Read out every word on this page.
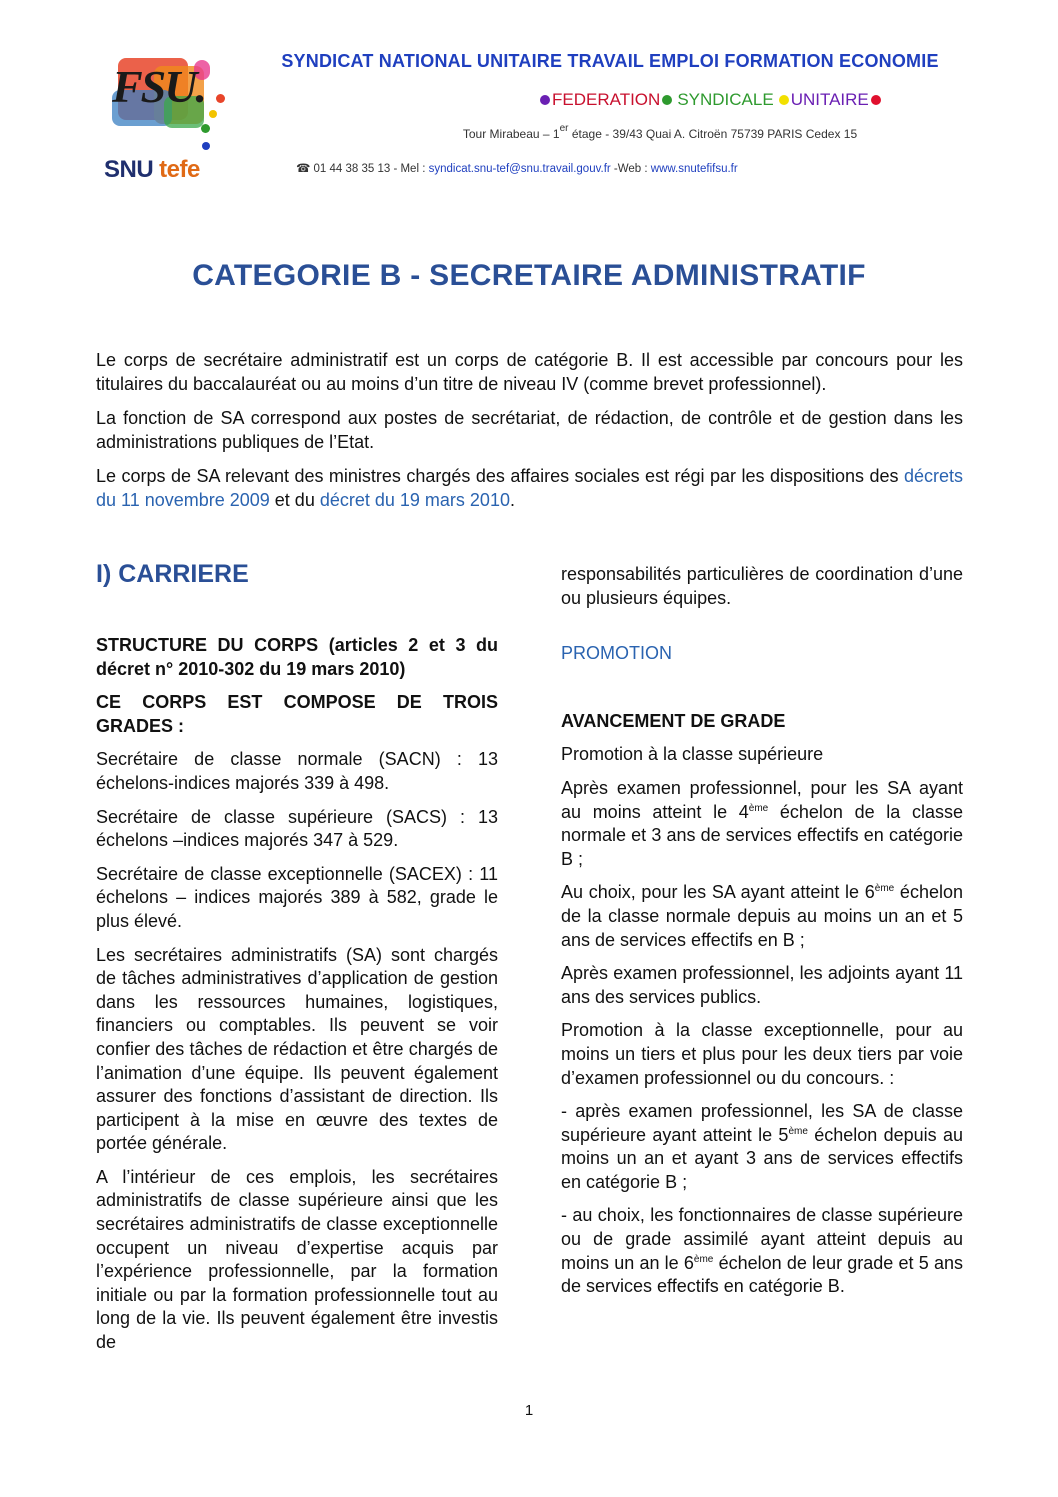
FSU.
SNU tefe
SYNDICAT NATIONAL UNITAIRE TRAVAIL EMPLOI FORMATION ECONOMIE
FEDERATION SYNDICALE UNITAIRE
Tour Mirabeau – 1er étage - 39/43 Quai A. Citroën 75739 PARIS Cedex 15
☎ 01 44 38 35 13 - Mel : syndicat.snu-tef@snu.travail.gouv.fr -Web : www.snutefifsu.fr
CATEGORIE B - SECRETAIRE ADMINISTRATIF

Le corps de secrétaire administratif est un corps de catégorie B. Il est accessible par concours pour les titulaires du baccalauréat ou au moins d’un titre de niveau IV (comme brevet professionnel).

La fonction de SA correspond aux postes de secrétariat, de rédaction, de contrôle et de gestion dans les administrations publiques de l’Etat.

Le corps de SA relevant des ministres chargés des affaires sociales est régi par les dispositions des décrets du 11 novembre 2009 et du décret du 19 mars 2010.

I) CARRIERE

STRUCTURE DU CORPS (articles 2 et 3 du décret n° 2010-302 du 19 mars 2010)

CE CORPS EST COMPOSE DE TROIS GRADES :

Secrétaire de classe normale (SACN) : 13 échelons-indices majorés 339 à 498.

Secrétaire de classe supérieure (SACS) : 13 échelons –indices majorés 347 à 529.

Secrétaire de classe exceptionnelle (SACEX) : 11 échelons – indices majorés 389 à 582, grade le plus élevé.

Les secrétaires administratifs (SA) sont chargés de tâches administratives d’application de gestion dans les ressources humaines, logistiques, financiers ou comptables. Ils peuvent se voir confier des tâches de rédaction et être chargés de l’animation d’une équipe. Ils peuvent également assurer des fonctions d’assistant de direction. Ils participent à la mise en œuvre des textes de portée générale.

A l’intérieur de ces emplois, les secrétaires administratifs de classe supérieure ainsi que les secrétaires administratifs de classe exceptionnelle occupent un niveau d’expertise acquis par l’expérience professionnelle, par la formation initiale ou par la formation professionnelle tout au long de la vie. Ils peuvent également être investis de

responsabilités particulières de coordination d’une ou plusieurs équipes.

PROMOTION

AVANCEMENT DE GRADE

Promotion à la classe supérieure

Après examen professionnel, pour les SA ayant au moins atteint le 4ème échelon de la classe normale et 3 ans de services effectifs en catégorie B ;

Au choix, pour les SA ayant atteint le 6ème échelon de la classe normale depuis au moins un an et 5 ans de services effectifs en B ;

Après examen professionnel, les adjoints ayant 11 ans des services publics.

Promotion à la classe exceptionnelle, pour au moins un tiers et plus pour les deux tiers par voie d’examen professionnel ou du concours. :

- après examen professionnel, les SA de classe supérieure ayant atteint le 5ème échelon depuis au moins un an et ayant 3 ans de services effectifs en catégorie B ;

- au choix, les fonctionnaires de classe supérieure ou de grade assimilé ayant atteint depuis au moins un an le 6ème échelon de leur grade et 5 ans de services effectifs en catégorie B.

1
